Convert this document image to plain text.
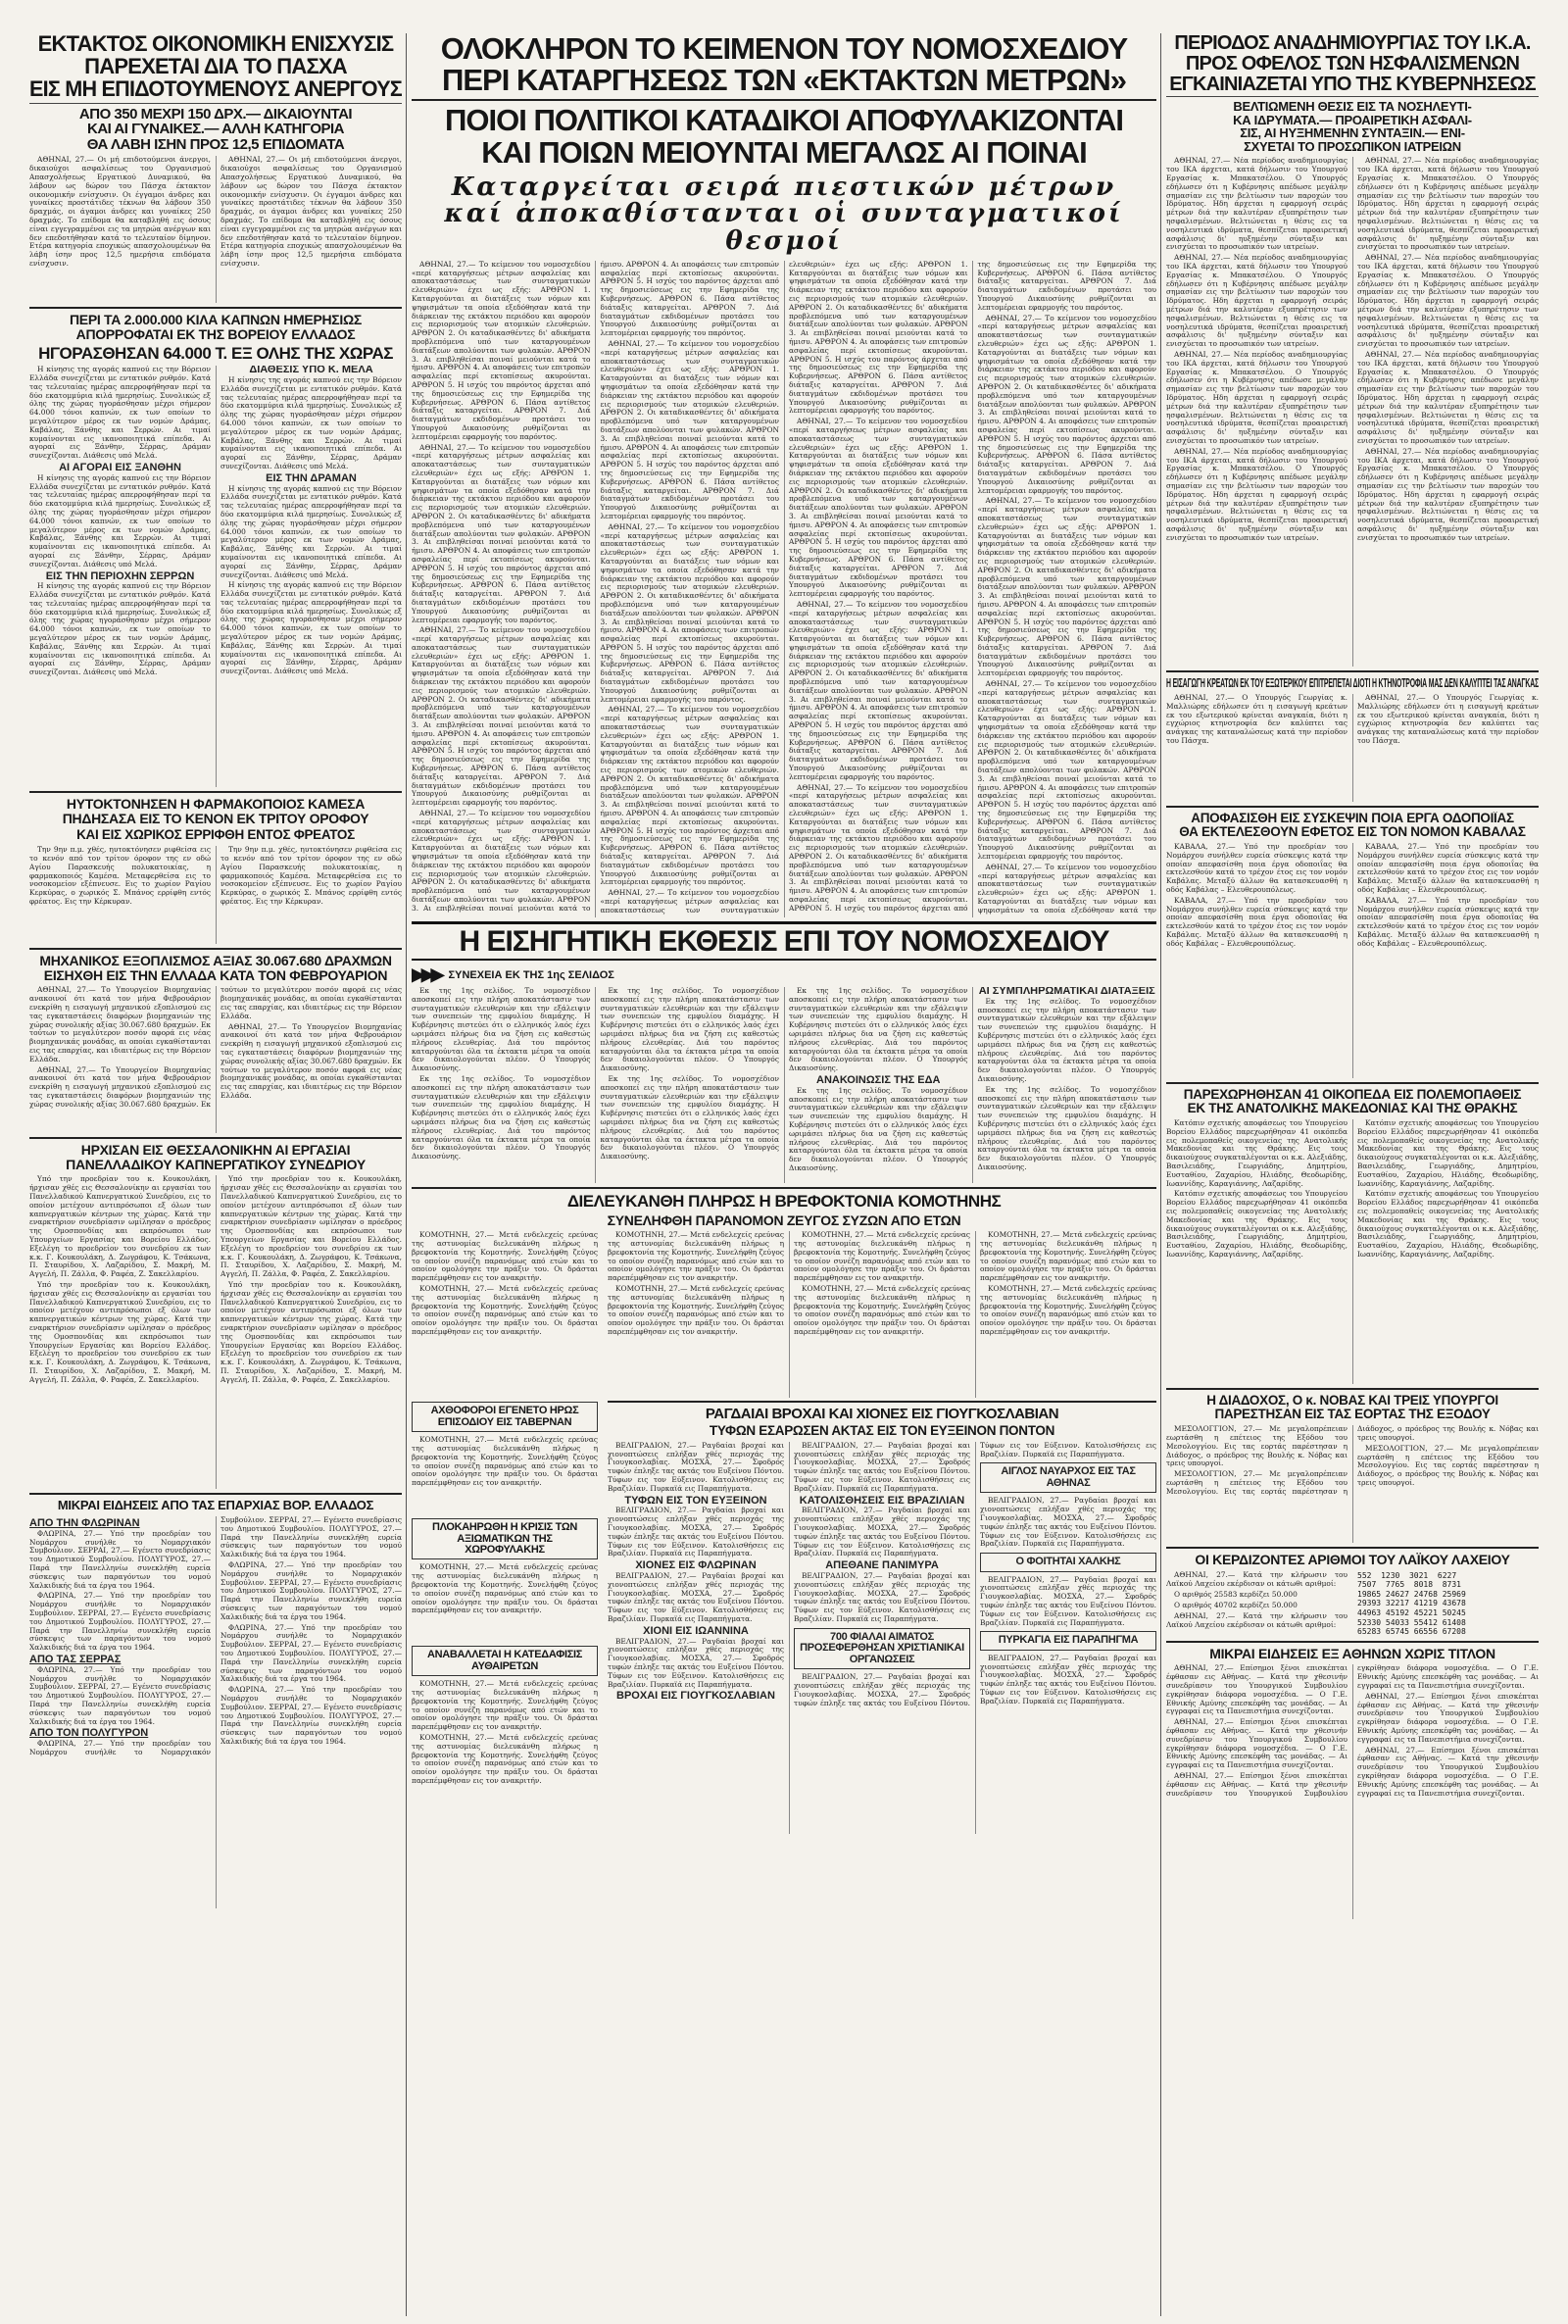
ΕΚΤΑΚΤΟΣ ΟΙΚΟΝΟΜΙΚΗ ΕΝΙΣΧΥΣΙΣ
ΠΑΡΕΧΕΤΑΙ ΔΙΑ ΤΟ ΠΑΣΧΑ
ΕΙΣ ΜΗ ΕΠΙΔΟΤΟΥΜΕΝΟΥΣ ΑΝΕΡΓΟΥΣ
ΑΠΟ 350 ΜΕΧΡΙ 150 ΔΡΧ.— ΔΙΚΑΙΟΥΝΤΑΙ
ΚΑΙ ΑΙ ΓΥΝΑΙΚΕΣ.— ΑΛΛΗ ΚΑΤΗΓΟΡΙΑ
ΘΑ ΛΑΒΗ ΙΣΗΝ ΠΡΟΣ 12,5 ΕΠΙΔΟΜΑΤΑ

ΑΘΗΝΑΙ, 27.— Οι μή επιδοτούμενοι άνεργοι, δικαιούχοι ασφαλίσεως του Οργανισμού Απασχολήσεως Εργατικού Δυναμικού, θα λάβουν ως δώρον του Πάσχα έκτακτον οικονομικήν ενίσχυσιν. Οι έγγαμοι άνδρες και γυναίκες προστάτιδες τέκνων θα λάβουν 350 δραχμάς, οι άγαμοι άνδρες και γυναίκες 250 δραχμάς. Το επίδομα θα καταβληθή εις όσους είναι εγγεγραμμένοι εις τα μητρώα ανέργων και δεν επεδοτήθησαν κατά το τελευταίον δίμηνον. Ετέρα κατηγορία εποχικώς απασχολουμένων θα λάβη ίσην προς 12,5 ημερήσια επιδόματα ενίσχυσιν.

ΑΘΗΝΑΙ, 27.— Οι μή επιδοτούμενοι άνεργοι, δικαιούχοι ασφαλίσεως του Οργανισμού Απασχολήσεως Εργατικού Δυναμικού, θα λάβουν ως δώρον του Πάσχα έκτακτον οικονομικήν ενίσχυσιν. Οι έγγαμοι άνδρες και γυναίκες προστάτιδες τέκνων θα λάβουν 350 δραχμάς, οι άγαμοι άνδρες και γυναίκες 250 δραχμάς. Το επίδομα θα καταβληθή εις όσους είναι εγγεγραμμένοι εις τα μητρώα ανέργων και δεν επεδοτήθησαν κατά το τελευταίον δίμηνον. Ετέρα κατηγορία εποχικώς απασχολουμένων θα λάβη ίσην προς 12,5 ημερήσια επιδόματα ενίσχυσιν.

ΠΕΡΙ ΤΑ 2.000.000 ΚΙΛΑ ΚΑΠΝΩΝ ΗΜΕΡΗΣΙΩΣ
ΑΠΟΡΡΟΦΑΤΑΙ ΕΚ ΤΗΣ ΒΟΡΕΙΟΥ ΕΛΛΑΔΟΣ
ΗΓΟΡΑΣΘΗΣΑΝ 64.000 Τ. ΕΞ ΟΛΗΣ ΤΗΣ ΧΩΡΑΣ

Η κίνησις της αγοράς καπνού εις την Βόρειον Ελλάδα συνεχίζεται με εντατικόν ρυθμόν. Κατά τας τελευταίας ημέρας απερροφήθησαν περί τα δύο εκατομμύρια κιλά ημερησίως. Συνολικώς εξ όλης της χώρας ηγοράσθησαν μέχρι σήμερον 64.000 τόνοι καπνών, εκ των οποίων το μεγαλύτερον μέρος εκ των νομών Δράμας, Καβάλας, Ξάνθης και Σερρών. Αι τιμαί κυμαίνονται εις ικανοποιητικά επίπεδα. Αι αγοραί εις Ξάνθην, Σέρρας, Δράμαν συνεχίζονται. Διάθεσις υπό Μελά.

ΑΙ ΑΓΟΡΑΙ ΕΙΣ ΞΑΝΘΗΝ

Η κίνησις της αγοράς καπνού εις την Βόρειον Ελλάδα συνεχίζεται με εντατικόν ρυθμόν. Κατά τας τελευταίας ημέρας απερροφήθησαν περί τα δύο εκατομμύρια κιλά ημερησίως. Συνολικώς εξ όλης της χώρας ηγοράσθησαν μέχρι σήμερον 64.000 τόνοι καπνών, εκ των οποίων το μεγαλύτερον μέρος εκ των νομών Δράμας, Καβάλας, Ξάνθης και Σερρών. Αι τιμαί κυμαίνονται εις ικανοποιητικά επίπεδα. Αι αγοραί εις Ξάνθην, Σέρρας, Δράμαν συνεχίζονται. Διάθεσις υπό Μελά.

ΕΙΣ ΤΗΝ ΠΕΡΙΟΧΗΝ ΣΕΡΡΩΝ

Η κίνησις της αγοράς καπνού εις την Βόρειον Ελλάδα συνεχίζεται με εντατικόν ρυθμόν. Κατά τας τελευταίας ημέρας απερροφήθησαν περί τα δύο εκατομμύρια κιλά ημερησίως. Συνολικώς εξ όλης της χώρας ηγοράσθησαν μέχρι σήμερον 64.000 τόνοι καπνών, εκ των οποίων το μεγαλύτερον μέρος εκ των νομών Δράμας, Καβάλας, Ξάνθης και Σερρών. Αι τιμαί κυμαίνονται εις ικανοποιητικά επίπεδα. Αι αγοραί εις Ξάνθην, Σέρρας, Δράμαν συνεχίζονται. Διάθεσις υπό Μελά.

ΔΙΑΘΕΣΙΣ ΥΠΟ Κ. ΜΕΛΑ

Η κίνησις της αγοράς καπνού εις την Βόρειον Ελλάδα συνεχίζεται με εντατικόν ρυθμόν. Κατά τας τελευταίας ημέρας απερροφήθησαν περί τα δύο εκατομμύρια κιλά ημερησίως. Συνολικώς εξ όλης της χώρας ηγοράσθησαν μέχρι σήμερον 64.000 τόνοι καπνών, εκ των οποίων το μεγαλύτερον μέρος εκ των νομών Δράμας, Καβάλας, Ξάνθης και Σερρών. Αι τιμαί κυμαίνονται εις ικανοποιητικά επίπεδα. Αι αγοραί εις Ξάνθην, Σέρρας, Δράμαν συνεχίζονται. Διάθεσις υπό Μελά.

ΕΙΣ ΤΗΝ ΔΡΑΜΑΝ

Η κίνησις της αγοράς καπνού εις την Βόρειον Ελλάδα συνεχίζεται με εντατικόν ρυθμόν. Κατά τας τελευταίας ημέρας απερροφήθησαν περί τα δύο εκατομμύρια κιλά ημερησίως. Συνολικώς εξ όλης της χώρας ηγοράσθησαν μέχρι σήμερον 64.000 τόνοι καπνών, εκ των οποίων το μεγαλύτερον μέρος εκ των νομών Δράμας, Καβάλας, Ξάνθης και Σερρών. Αι τιμαί κυμαίνονται εις ικανοποιητικά επίπεδα. Αι αγοραί εις Ξάνθην, Σέρρας, Δράμαν συνεχίζονται. Διάθεσις υπό Μελά.

Η κίνησις της αγοράς καπνού εις την Βόρειον Ελλάδα συνεχίζεται με εντατικόν ρυθμόν. Κατά τας τελευταίας ημέρας απερροφήθησαν περί τα δύο εκατομμύρια κιλά ημερησίως. Συνολικώς εξ όλης της χώρας ηγοράσθησαν μέχρι σήμερον 64.000 τόνοι καπνών, εκ των οποίων το μεγαλύτερον μέρος εκ των νομών Δράμας, Καβάλας, Ξάνθης και Σερρών. Αι τιμαί κυμαίνονται εις ικανοποιητικά επίπεδα. Αι αγοραί εις Ξάνθην, Σέρρας, Δράμαν συνεχίζονται. Διάθεσις υπό Μελά.

ΗΥΤΟΚΤΟΝΗΣΕΝ Η ΦΑΡΜΑΚΟΠΟΙΟΣ ΚΑΜΕΣΑ
ΠΗΔΗΣΑΣΑ ΕΙΣ ΤΟ ΚΕΝΟΝ ΕΚ ΤΡΙΤΟΥ ΟΡΟΦΟΥ
ΚΑΙ ΕΙΣ ΧΩΡΙΚΟΣ ΕΡΡΙΦΘΗ ΕΝΤΟΣ ΦΡΕΑΤΟΣ

Την 9ην π.μ. χθές, ηυτοκτόνησεν ριφθείσα εις το κενόν από τον τρίτον όροφον της εν οδώ Αγίου Παρασκευής πολυκατοικίας, η φαρμακοποιός Καμέσα. Μεταφερθείσα εις το νοσοκομείον εξέπνευσε. Εις το χωρίον Ραγίου Κερκύρας, ο χωρικός Σ. Μπάνος ερρίφθη εντός φρέατος. Εις την Κέρκυραν.

Την 9ην π.μ. χθές, ηυτοκτόνησεν ριφθείσα εις το κενόν από τον τρίτον όροφον της εν οδώ Αγίου Παρασκευής πολυκατοικίας, η φαρμακοποιός Καμέσα. Μεταφερθείσα εις το νοσοκομείον εξέπνευσε. Εις το χωρίον Ραγίου Κερκύρας, ο χωρικός Σ. Μπάνος ερρίφθη εντός φρέατος. Εις την Κέρκυραν.

ΜΗΧΑΝΙΚΟΣ ΕΞΟΠΛΙΣΜΟΣ ΑΞΙΑΣ 30.067.680 ΔΡΑΧΜΩΝ
ΕΙΣΗΧΘΗ ΕΙΣ ΤΗΝ ΕΛΛΑΔΑ ΚΑΤΑ ΤΟΝ ΦΕΒΡΟΥΑΡΙΟΝ

ΑΘΗΝΑΙ, 27.— Το Υπουργείον Βιομηχανίας ανακοινοί ότι κατά τον μήνα Φεβρουάριον ενεκρίθη η εισαγωγή μηχανικού εξοπλισμού εις τας εγκαταστάσεις διαφόρων βιομηχανιών της χώρας συνολικής αξίας 30.067.680 δραχμών. Εκ τούτων το μεγαλύτερον ποσόν αφορά εις νέας βιομηχανικάς μονάδας, αι οποίαι εγκαθίστανται εις τας επαρχίας, και ιδιαιτέρως εις την Βόρειον Ελλάδα.

ΑΘΗΝΑΙ, 27.— Το Υπουργείον Βιομηχανίας ανακοινοί ότι κατά τον μήνα Φεβρουάριον ενεκρίθη η εισαγωγή μηχανικού εξοπλισμού εις τας εγκαταστάσεις διαφόρων βιομηχανιών της χώρας συνολικής αξίας 30.067.680 δραχμών. Εκ τούτων το μεγαλύτερον ποσόν αφορά εις νέας βιομηχανικάς μονάδας, αι οποίαι εγκαθίστανται εις τας επαρχίας, και ιδιαιτέρως εις την Βόρειον Ελλάδα.

ΑΘΗΝΑΙ, 27.— Το Υπουργείον Βιομηχανίας ανακοινοί ότι κατά τον μήνα Φεβρουάριον ενεκρίθη η εισαγωγή μηχανικού εξοπλισμού εις τας εγκαταστάσεις διαφόρων βιομηχανιών της χώρας συνολικής αξίας 30.067.680 δραχμών. Εκ τούτων το μεγαλύτερον ποσόν αφορά εις νέας βιομηχανικάς μονάδας, αι οποίαι εγκαθίστανται εις τας επαρχίας, και ιδιαιτέρως εις την Βόρειον Ελλάδα.

ΗΡΧΙΣΑΝ ΕΙΣ ΘΕΣΣΑΛΟΝΙΚΗΝ ΑΙ ΕΡΓΑΣΙΑΙ
ΠΑΝΕΛΛΑΔΙΚΟΥ ΚΑΠΝΕΡΓΑΤΙΚΟΥ ΣΥΝΕΔΡΙΟΥ

Υπό την προεδρίαν του κ. Κουκουλάκη, ήρχισαν χθές εις Θεσσαλονίκην αι εργασίαι του Πανελλαδικού Καπνεργατικού Συνεδρίου, εις το οποίον μετέχουν αντιπρόσωποι εξ όλων των καπνεργατικών κέντρων της χώρας. Κατά την εναρκτήριον συνεδρίασιν ωμίλησαν ο πρόεδρος της Ομοσπονδίας και εκπρόσωποι των Υπουργείων Εργασίας και Βορείου Ελλάδος. Εξελέγη το προεδρείον του συνεδρίου εκ των κ.κ. Γ. Κουκουλάκη, Δ. Ζωγράφου, Κ. Τσάκωνα, Π. Σταυρίδου, Χ. Λαζαρίδου, Σ. Μακρή, Μ. Αγγελή, Π. Ζάλλα, Φ. Ραφέα, Ζ. Σακελλαρίου.

Υπό την προεδρίαν του κ. Κουκουλάκη, ήρχισαν χθές εις Θεσσαλονίκην αι εργασίαι του Πανελλαδικού Καπνεργατικού Συνεδρίου, εις το οποίον μετέχουν αντιπρόσωποι εξ όλων των καπνεργατικών κέντρων της χώρας. Κατά την εναρκτήριον συνεδρίασιν ωμίλησαν ο πρόεδρος της Ομοσπονδίας και εκπρόσωποι των Υπουργείων Εργασίας και Βορείου Ελλάδος. Εξελέγη το προεδρείον του συνεδρίου εκ των κ.κ. Γ. Κουκουλάκη, Δ. Ζωγράφου, Κ. Τσάκωνα, Π. Σταυρίδου, Χ. Λαζαρίδου, Σ. Μακρή, Μ. Αγγελή, Π. Ζάλλα, Φ. Ραφέα, Ζ. Σακελλαρίου.

Υπό την προεδρίαν του κ. Κουκουλάκη, ήρχισαν χθές εις Θεσσαλονίκην αι εργασίαι του Πανελλαδικού Καπνεργατικού Συνεδρίου, εις το οποίον μετέχουν αντιπρόσωποι εξ όλων των καπνεργατικών κέντρων της χώρας. Κατά την εναρκτήριον συνεδρίασιν ωμίλησαν ο πρόεδρος της Ομοσπονδίας και εκπρόσωποι των Υπουργείων Εργασίας και Βορείου Ελλάδος. Εξελέγη το προεδρείον του συνεδρίου εκ των κ.κ. Γ. Κουκουλάκη, Δ. Ζωγράφου, Κ. Τσάκωνα, Π. Σταυρίδου, Χ. Λαζαρίδου, Σ. Μακρή, Μ. Αγγελή, Π. Ζάλλα, Φ. Ραφέα, Ζ. Σακελλαρίου.

Υπό την προεδρίαν του κ. Κουκουλάκη, ήρχισαν χθές εις Θεσσαλονίκην αι εργασίαι του Πανελλαδικού Καπνεργατικού Συνεδρίου, εις το οποίον μετέχουν αντιπρόσωποι εξ όλων των καπνεργατικών κέντρων της χώρας. Κατά την εναρκτήριον συνεδρίασιν ωμίλησαν ο πρόεδρος της Ομοσπονδίας και εκπρόσωποι των Υπουργείων Εργασίας και Βορείου Ελλάδος. Εξελέγη το προεδρείον του συνεδρίου εκ των κ.κ. Γ. Κουκουλάκη, Δ. Ζωγράφου, Κ. Τσάκωνα, Π. Σταυρίδου, Χ. Λαζαρίδου, Σ. Μακρή, Μ. Αγγελή, Π. Ζάλλα, Φ. Ραφέα, Ζ. Σακελλαρίου.

ΜΙΚΡΑΙ ΕΙΔΗΣΕΙΣ ΑΠΟ ΤΑΣ ΕΠΑΡΧΙΑΣ ΒΟΡ. ΕΛΛΑΔΟΣ
ΑΠΟ ΤΗΝ ΦΛΩΡΙΝΑΝ

ΦΛΩΡΙΝΑ, 27.— Υπό την προεδρίαν του Νομάρχου συνήλθε το Νομαρχιακόν Συμβούλιον. ΣΕΡΡΑΙ, 27.— Εγένετο συνεδρίασις του Δημοτικού Συμβουλίου. ΠΟΛΥΓΥΡΟΣ, 27.— Παρά την Πανελληνίω συνεκλήθη ευρεία σύσκεψις των παραγόντων του νομού Χαλκιδικής διά τα έργα του 1964.

ΦΛΩΡΙΝΑ, 27.— Υπό την προεδρίαν του Νομάρχου συνήλθε το Νομαρχιακόν Συμβούλιον. ΣΕΡΡΑΙ, 27.— Εγένετο συνεδρίασις του Δημοτικού Συμβουλίου. ΠΟΛΥΓΥΡΟΣ, 27.— Παρά την Πανελληνίω συνεκλήθη ευρεία σύσκεψις των παραγόντων του νομού Χαλκιδικής διά τα έργα του 1964.

ΑΠΟ ΤΑΣ ΣΕΡΡΑΣ

ΦΛΩΡΙΝΑ, 27.— Υπό την προεδρίαν του Νομάρχου συνήλθε το Νομαρχιακόν Συμβούλιον. ΣΕΡΡΑΙ, 27.— Εγένετο συνεδρίασις του Δημοτικού Συμβουλίου. ΠΟΛΥΓΥΡΟΣ, 27.— Παρά την Πανελληνίω συνεκλήθη ευρεία σύσκεψις των παραγόντων του νομού Χαλκιδικής διά τα έργα του 1964.

ΑΠΟ ΤΟΝ ΠΟΛΥΓΥΡΟΝ

ΦΛΩΡΙΝΑ, 27.— Υπό την προεδρίαν του Νομάρχου συνήλθε το Νομαρχιακόν Συμβούλιον. ΣΕΡΡΑΙ, 27.— Εγένετο συνεδρίασις του Δημοτικού Συμβουλίου. ΠΟΛΥΓΥΡΟΣ, 27.— Παρά την Πανελληνίω συνεκλήθη ευρεία σύσκεψις των παραγόντων του νομού Χαλκιδικής διά τα έργα του 1964.

ΦΛΩΡΙΝΑ, 27.— Υπό την προεδρίαν του Νομάρχου συνήλθε το Νομαρχιακόν Συμβούλιον. ΣΕΡΡΑΙ, 27.— Εγένετο συνεδρίασις του Δημοτικού Συμβουλίου. ΠΟΛΥΓΥΡΟΣ, 27.— Παρά την Πανελληνίω συνεκλήθη ευρεία σύσκεψις των παραγόντων του νομού Χαλκιδικής διά τα έργα του 1964.

ΦΛΩΡΙΝΑ, 27.— Υπό την προεδρίαν του Νομάρχου συνήλθε το Νομαρχιακόν Συμβούλιον. ΣΕΡΡΑΙ, 27.— Εγένετο συνεδρίασις του Δημοτικού Συμβουλίου. ΠΟΛΥΓΥΡΟΣ, 27.— Παρά την Πανελληνίω συνεκλήθη ευρεία σύσκεψις των παραγόντων του νομού Χαλκιδικής διά τα έργα του 1964.

ΦΛΩΡΙΝΑ, 27.— Υπό την προεδρίαν του Νομάρχου συνήλθε το Νομαρχιακόν Συμβούλιον. ΣΕΡΡΑΙ, 27.— Εγένετο συνεδρίασις του Δημοτικού Συμβουλίου. ΠΟΛΥΓΥΡΟΣ, 27.— Παρά την Πανελληνίω συνεκλήθη ευρεία σύσκεψις των παραγόντων του νομού Χαλκιδικής διά τα έργα του 1964.

ΟΛΟΚΛΗΡΟΝ ΤΟ ΚΕΙΜΕΝΟΝ ΤΟΥ ΝΟΜΟΣΧΕΔΙΟΥ
ΠΕΡΙ ΚΑΤΑΡΓΗΣΕΩΣ ΤΩΝ «ΕΚΤΑΚΤΩΝ ΜΕΤΡΩΝ»
ΠΟΙΟΙ ΠΟΛΙΤΙΚΟΙ ΚΑΤΑΔΙΚΟΙ ΑΠΟΦΥΛΑΚΙΖΟΝΤΑΙ
ΚΑΙ ΠΟΙΩΝ ΜΕΙΟΥΝΤΑΙ ΜΕΓΑΛΩΣ ΑΙ ΠΟΙΝΑΙ
Καταργείται σειρά πιεστικών μέτρων
καί ἀποκαθίστανται οἱ συνταγματικοί θεσμοί

ΑΘΗΝΑΙ, 27.— Το κείμενον του νομοσχεδίου «περί καταργήσεως μέτρων ασφαλείας και αποκαταστάσεως των συνταγματικών ελευθεριών» έχει ως εξής: ΑΡΘΡΟΝ 1. Καταργούνται αι διατάξεις των νόμων και ψηφισμάτων τα οποία εξεδόθησαν κατά την διάρκειαν της εκτάκτου περιόδου και αφορούν εις περιορισμούς των ατομικών ελευθεριών. ΑΡΘΡΟΝ 2. Οι καταδικασθέντες δι' αδικήματα προβλεπόμενα υπό των καταργουμένων διατάξεων απολύονται των φυλακών. ΑΡΘΡΟΝ 3. Αι επιβληθείσαι ποιναί μειούνται κατά το ήμισυ. ΑΡΘΡΟΝ 4. Αι αποφάσεις των επιτροπών ασφαλείας περί εκτοπίσεως ακυρούνται. ΑΡΘΡΟΝ 5. Η ισχύς του παρόντος άρχεται από της δημοσιεύσεως εις την Εφημερίδα της Κυβερνήσεως. ΑΡΘΡΟΝ 6. Πάσα αντίθετος διάταξις καταργείται. ΑΡΘΡΟΝ 7. Διά διαταγμάτων εκδιδομένων προτάσει του Υπουργού Δικαιοσύνης ρυθμίζονται αι λεπτομέρειαι εφαρμογής του παρόντος.

ΑΘΗΝΑΙ, 27.— Το κείμενον του νομοσχεδίου «περί καταργήσεως μέτρων ασφαλείας και αποκαταστάσεως των συνταγματικών ελευθεριών» έχει ως εξής: ΑΡΘΡΟΝ 1. Καταργούνται αι διατάξεις των νόμων και ψηφισμάτων τα οποία εξεδόθησαν κατά την διάρκειαν της εκτάκτου περιόδου και αφορούν εις περιορισμούς των ατομικών ελευθεριών. ΑΡΘΡΟΝ 2. Οι καταδικασθέντες δι' αδικήματα προβλεπόμενα υπό των καταργουμένων διατάξεων απολύονται των φυλακών. ΑΡΘΡΟΝ 3. Αι επιβληθείσαι ποιναί μειούνται κατά το ήμισυ. ΑΡΘΡΟΝ 4. Αι αποφάσεις των επιτροπών ασφαλείας περί εκτοπίσεως ακυρούνται. ΑΡΘΡΟΝ 5. Η ισχύς του παρόντος άρχεται από της δημοσιεύσεως εις την Εφημερίδα της Κυβερνήσεως. ΑΡΘΡΟΝ 6. Πάσα αντίθετος διάταξις καταργείται. ΑΡΘΡΟΝ 7. Διά διαταγμάτων εκδιδομένων προτάσει του Υπουργού Δικαιοσύνης ρυθμίζονται αι λεπτομέρειαι εφαρμογής του παρόντος.

ΑΘΗΝΑΙ, 27.— Το κείμενον του νομοσχεδίου «περί καταργήσεως μέτρων ασφαλείας και αποκαταστάσεως των συνταγματικών ελευθεριών» έχει ως εξής: ΑΡΘΡΟΝ 1. Καταργούνται αι διατάξεις των νόμων και ψηφισμάτων τα οποία εξεδόθησαν κατά την διάρκειαν της εκτάκτου περιόδου και αφορούν εις περιορισμούς των ατομικών ελευθεριών. ΑΡΘΡΟΝ 2. Οι καταδικασθέντες δι' αδικήματα προβλεπόμενα υπό των καταργουμένων διατάξεων απολύονται των φυλακών. ΑΡΘΡΟΝ 3. Αι επιβληθείσαι ποιναί μειούνται κατά το ήμισυ. ΑΡΘΡΟΝ 4. Αι αποφάσεις των επιτροπών ασφαλείας περί εκτοπίσεως ακυρούνται. ΑΡΘΡΟΝ 5. Η ισχύς του παρόντος άρχεται από της δημοσιεύσεως εις την Εφημερίδα της Κυβερνήσεως. ΑΡΘΡΟΝ 6. Πάσα αντίθετος διάταξις καταργείται. ΑΡΘΡΟΝ 7. Διά διαταγμάτων εκδιδομένων προτάσει του Υπουργού Δικαιοσύνης ρυθμίζονται αι λεπτομέρειαι εφαρμογής του παρόντος.

ΑΘΗΝΑΙ, 27.— Το κείμενον του νομοσχεδίου «περί καταργήσεως μέτρων ασφαλείας και αποκαταστάσεως των συνταγματικών ελευθεριών» έχει ως εξής: ΑΡΘΡΟΝ 1. Καταργούνται αι διατάξεις των νόμων και ψηφισμάτων τα οποία εξεδόθησαν κατά την διάρκειαν της εκτάκτου περιόδου και αφορούν εις περιορισμούς των ατομικών ελευθεριών. ΑΡΘΡΟΝ 2. Οι καταδικασθέντες δι' αδικήματα προβλεπόμενα υπό των καταργουμένων διατάξεων απολύονται των φυλακών. ΑΡΘΡΟΝ 3. Αι επιβληθείσαι ποιναί μειούνται κατά το ήμισυ. ΑΡΘΡΟΝ 4. Αι αποφάσεις των επιτροπών ασφαλείας περί εκτοπίσεως ακυρούνται. ΑΡΘΡΟΝ 5. Η ισχύς του παρόντος άρχεται από της δημοσιεύσεως εις την Εφημερίδα της Κυβερνήσεως. ΑΡΘΡΟΝ 6. Πάσα αντίθετος διάταξις καταργείται. ΑΡΘΡΟΝ 7. Διά διαταγμάτων εκδιδομένων προτάσει του Υπουργού Δικαιοσύνης ρυθμίζονται αι λεπτομέρειαι εφαρμογής του παρόντος.

ΑΘΗΝΑΙ, 27.— Το κείμενον του νομοσχεδίου «περί καταργήσεως μέτρων ασφαλείας και αποκαταστάσεως των συνταγματικών ελευθεριών» έχει ως εξής: ΑΡΘΡΟΝ 1. Καταργούνται αι διατάξεις των νόμων και ψηφισμάτων τα οποία εξεδόθησαν κατά την διάρκειαν της εκτάκτου περιόδου και αφορούν εις περιορισμούς των ατομικών ελευθεριών. ΑΡΘΡΟΝ 2. Οι καταδικασθέντες δι' αδικήματα προβλεπόμενα υπό των καταργουμένων διατάξεων απολύονται των φυλακών. ΑΡΘΡΟΝ 3. Αι επιβληθείσαι ποιναί μειούνται κατά το ήμισυ. ΑΡΘΡΟΝ 4. Αι αποφάσεις των επιτροπών ασφαλείας περί εκτοπίσεως ακυρούνται. ΑΡΘΡΟΝ 5. Η ισχύς του παρόντος άρχεται από της δημοσιεύσεως εις την Εφημερίδα της Κυβερνήσεως. ΑΡΘΡΟΝ 6. Πάσα αντίθετος διάταξις καταργείται. ΑΡΘΡΟΝ 7. Διά διαταγμάτων εκδιδομένων προτάσει του Υπουργού Δικαιοσύνης ρυθμίζονται αι λεπτομέρειαι εφαρμογής του παρόντος.

ΑΘΗΝΑΙ, 27.— Το κείμενον του νομοσχεδίου «περί καταργήσεως μέτρων ασφαλείας και αποκαταστάσεως των συνταγματικών ελευθεριών» έχει ως εξής: ΑΡΘΡΟΝ 1. Καταργούνται αι διατάξεις των νόμων και ψηφισμάτων τα οποία εξεδόθησαν κατά την διάρκειαν της εκτάκτου περιόδου και αφορούν εις περιορισμούς των ατομικών ελευθεριών. ΑΡΘΡΟΝ 2. Οι καταδικασθέντες δι' αδικήματα προβλεπόμενα υπό των καταργουμένων διατάξεων απολύονται των φυλακών. ΑΡΘΡΟΝ 3. Αι επιβληθείσαι ποιναί μειούνται κατά το ήμισυ. ΑΡΘΡΟΝ 4. Αι αποφάσεις των επιτροπών ασφαλείας περί εκτοπίσεως ακυρούνται. ΑΡΘΡΟΝ 5. Η ισχύς του παρόντος άρχεται από της δημοσιεύσεως εις την Εφημερίδα της Κυβερνήσεως. ΑΡΘΡΟΝ 6. Πάσα αντίθετος διάταξις καταργείται. ΑΡΘΡΟΝ 7. Διά διαταγμάτων εκδιδομένων προτάσει του Υπουργού Δικαιοσύνης ρυθμίζονται αι λεπτομέρειαι εφαρμογής του παρόντος.

ΑΘΗΝΑΙ, 27.— Το κείμενον του νομοσχεδίου «περί καταργήσεως μέτρων ασφαλείας και αποκαταστάσεως των συνταγματικών ελευθεριών» έχει ως εξής: ΑΡΘΡΟΝ 1. Καταργούνται αι διατάξεις των νόμων και ψηφισμάτων τα οποία εξεδόθησαν κατά την διάρκειαν της εκτάκτου περιόδου και αφορούν εις περιορισμούς των ατομικών ελευθεριών. ΑΡΘΡΟΝ 2. Οι καταδικασθέντες δι' αδικήματα προβλεπόμενα υπό των καταργουμένων διατάξεων απολύονται των φυλακών. ΑΡΘΡΟΝ 3. Αι επιβληθείσαι ποιναί μειούνται κατά το ήμισυ. ΑΡΘΡΟΝ 4. Αι αποφάσεις των επιτροπών ασφαλείας περί εκτοπίσεως ακυρούνται. ΑΡΘΡΟΝ 5. Η ισχύς του παρόντος άρχεται από της δημοσιεύσεως εις την Εφημερίδα της Κυβερνήσεως. ΑΡΘΡΟΝ 6. Πάσα αντίθετος διάταξις καταργείται. ΑΡΘΡΟΝ 7. Διά διαταγμάτων εκδιδομένων προτάσει του Υπουργού Δικαιοσύνης ρυθμίζονται αι λεπτομέρειαι εφαρμογής του παρόντος.

ΑΘΗΝΑΙ, 27.— Το κείμενον του νομοσχεδίου «περί καταργήσεως μέτρων ασφαλείας και αποκαταστάσεως των συνταγματικών ελευθεριών» έχει ως εξής: ΑΡΘΡΟΝ 1. Καταργούνται αι διατάξεις των νόμων και ψηφισμάτων τα οποία εξεδόθησαν κατά την διάρκειαν της εκτάκτου περιόδου και αφορούν εις περιορισμούς των ατομικών ελευθεριών. ΑΡΘΡΟΝ 2. Οι καταδικασθέντες δι' αδικήματα προβλεπόμενα υπό των καταργουμένων διατάξεων απολύονται των φυλακών. ΑΡΘΡΟΝ 3. Αι επιβληθείσαι ποιναί μειούνται κατά το ήμισυ. ΑΡΘΡΟΝ 4. Αι αποφάσεις των επιτροπών ασφαλείας περί εκτοπίσεως ακυρούνται. ΑΡΘΡΟΝ 5. Η ισχύς του παρόντος άρχεται από της δημοσιεύσεως εις την Εφημερίδα της Κυβερνήσεως. ΑΡΘΡΟΝ 6. Πάσα αντίθετος διάταξις καταργείται. ΑΡΘΡΟΝ 7. Διά διαταγμάτων εκδιδομένων προτάσει του Υπουργού Δικαιοσύνης ρυθμίζονται αι λεπτομέρειαι εφαρμογής του παρόντος.

ΑΘΗΝΑΙ, 27.— Το κείμενον του νομοσχεδίου «περί καταργήσεως μέτρων ασφαλείας και αποκαταστάσεως των συνταγματικών ελευθεριών» έχει ως εξής: ΑΡΘΡΟΝ 1. Καταργούνται αι διατάξεις των νόμων και ψηφισμάτων τα οποία εξεδόθησαν κατά την διάρκειαν της εκτάκτου περιόδου και αφορούν εις περιορισμούς των ατομικών ελευθεριών. ΑΡΘΡΟΝ 2. Οι καταδικασθέντες δι' αδικήματα προβλεπόμενα υπό των καταργουμένων διατάξεων απολύονται των φυλακών. ΑΡΘΡΟΝ 3. Αι επιβληθείσαι ποιναί μειούνται κατά το ήμισυ. ΑΡΘΡΟΝ 4. Αι αποφάσεις των επιτροπών ασφαλείας περί εκτοπίσεως ακυρούνται. ΑΡΘΡΟΝ 5. Η ισχύς του παρόντος άρχεται από της δημοσιεύσεως εις την Εφημερίδα της Κυβερνήσεως. ΑΡΘΡΟΝ 6. Πάσα αντίθετος διάταξις καταργείται. ΑΡΘΡΟΝ 7. Διά διαταγμάτων εκδιδομένων προτάσει του Υπουργού Δικαιοσύνης ρυθμίζονται αι λεπτομέρειαι εφαρμογής του παρόντος.

ΑΘΗΝΑΙ, 27.— Το κείμενον του νομοσχεδίου «περί καταργήσεως μέτρων ασφαλείας και αποκαταστάσεως των συνταγματικών ελευθεριών» έχει ως εξής: ΑΡΘΡΟΝ 1. Καταργούνται αι διατάξεις των νόμων και ψηφισμάτων τα οποία εξεδόθησαν κατά την διάρκειαν της εκτάκτου περιόδου και αφορούν εις περιορισμούς των ατομικών ελευθεριών. ΑΡΘΡΟΝ 2. Οι καταδικασθέντες δι' αδικήματα προβλεπόμενα υπό των καταργουμένων διατάξεων απολύονται των φυλακών. ΑΡΘΡΟΝ 3. Αι επιβληθείσαι ποιναί μειούνται κατά το ήμισυ. ΑΡΘΡΟΝ 4. Αι αποφάσεις των επιτροπών ασφαλείας περί εκτοπίσεως ακυρούνται. ΑΡΘΡΟΝ 5. Η ισχύς του παρόντος άρχεται από της δημοσιεύσεως εις την Εφημερίδα της Κυβερνήσεως. ΑΡΘΡΟΝ 6. Πάσα αντίθετος διάταξις καταργείται. ΑΡΘΡΟΝ 7. Διά διαταγμάτων εκδιδομένων προτάσει του Υπουργού Δικαιοσύνης ρυθμίζονται αι λεπτομέρειαι εφαρμογής του παρόντος.

ΑΘΗΝΑΙ, 27.— Το κείμενον του νομοσχεδίου «περί καταργήσεως μέτρων ασφαλείας και αποκαταστάσεως των συνταγματικών ελευθεριών» έχει ως εξής: ΑΡΘΡΟΝ 1. Καταργούνται αι διατάξεις των νόμων και ψηφισμάτων τα οποία εξεδόθησαν κατά την διάρκειαν της εκτάκτου περιόδου και αφορούν εις περιορισμούς των ατομικών ελευθεριών. ΑΡΘΡΟΝ 2. Οι καταδικασθέντες δι' αδικήματα προβλεπόμενα υπό των καταργουμένων διατάξεων απολύονται των φυλακών. ΑΡΘΡΟΝ 3. Αι επιβληθείσαι ποιναί μειούνται κατά το ήμισυ. ΑΡΘΡΟΝ 4. Αι αποφάσεις των επιτροπών ασφαλείας περί εκτοπίσεως ακυρούνται. ΑΡΘΡΟΝ 5. Η ισχύς του παρόντος άρχεται από της δημοσιεύσεως εις την Εφημερίδα της Κυβερνήσεως. ΑΡΘΡΟΝ 6. Πάσα αντίθετος διάταξις καταργείται. ΑΡΘΡΟΝ 7. Διά διαταγμάτων εκδιδομένων προτάσει του Υπουργού Δικαιοσύνης ρυθμίζονται αι λεπτομέρειαι εφαρμογής του παρόντος.

ΑΘΗΝΑΙ, 27.— Το κείμενον του νομοσχεδίου «περί καταργήσεως μέτρων ασφαλείας και αποκαταστάσεως των συνταγματικών ελευθεριών» έχει ως εξής: ΑΡΘΡΟΝ 1. Καταργούνται αι διατάξεις των νόμων και ψηφισμάτων τα οποία εξεδόθησαν κατά την διάρκειαν της εκτάκτου περιόδου και αφορούν εις περιορισμούς των ατομικών ελευθεριών. ΑΡΘΡΟΝ 2. Οι καταδικασθέντες δι' αδικήματα προβλεπόμενα υπό των καταργουμένων διατάξεων απολύονται των φυλακών. ΑΡΘΡΟΝ 3. Αι επιβληθείσαι ποιναί μειούνται κατά το ήμισυ. ΑΡΘΡΟΝ 4. Αι αποφάσεις των επιτροπών ασφαλείας περί εκτοπίσεως ακυρούνται. ΑΡΘΡΟΝ 5. Η ισχύς του παρόντος άρχεται από της δημοσιεύσεως εις την Εφημερίδα της Κυβερνήσεως. ΑΡΘΡΟΝ 6. Πάσα αντίθετος διάταξις καταργείται. ΑΡΘΡΟΝ 7. Διά διαταγμάτων εκδιδομένων προτάσει του Υπουργού Δικαιοσύνης ρυθμίζονται αι λεπτομέρειαι εφαρμογής του παρόντος.

ΑΘΗΝΑΙ, 27.— Το κείμενον του νομοσχεδίου «περί καταργήσεως μέτρων ασφαλείας και αποκαταστάσεως των συνταγματικών ελευθεριών» έχει ως εξής: ΑΡΘΡΟΝ 1. Καταργούνται αι διατάξεις των νόμων και ψηφισμάτων τα οποία εξεδόθησαν κατά την διάρκειαν της εκτάκτου περιόδου και αφορούν εις περιορισμούς των ατομικών ελευθεριών. ΑΡΘΡΟΝ 2. Οι καταδικασθέντες δι' αδικήματα προβλεπόμενα υπό των καταργουμένων διατάξεων απολύονται των φυλακών. ΑΡΘΡΟΝ 3. Αι επιβληθείσαι ποιναί μειούνται κατά το ήμισυ. ΑΡΘΡΟΝ 4. Αι αποφάσεις των επιτροπών ασφαλείας περί εκτοπίσεως ακυρούνται. ΑΡΘΡΟΝ 5. Η ισχύς του παρόντος άρχεται από της δημοσιεύσεως εις την Εφημερίδα της Κυβερνήσεως. ΑΡΘΡΟΝ 6. Πάσα αντίθετος διάταξις καταργείται. ΑΡΘΡΟΝ 7. Διά διαταγμάτων εκδιδομένων προτάσει του Υπουργού Δικαιοσύνης ρυθμίζονται αι λεπτομέρειαι εφαρμογής του παρόντος.

ΑΘΗΝΑΙ, 27.— Το κείμενον του νομοσχεδίου «περί καταργήσεως μέτρων ασφαλείας και αποκαταστάσεως των συνταγματικών ελευθεριών» έχει ως εξής: ΑΡΘΡΟΝ 1. Καταργούνται αι διατάξεις των νόμων και ψηφισμάτων τα οποία εξεδόθησαν κατά την διάρκειαν της εκτάκτου περιόδου και αφορούν εις περιορισμούς των ατομικών ελευθεριών. ΑΡΘΡΟΝ 2. Οι καταδικασθέντες δι' αδικήματα προβλεπόμενα υπό των καταργουμένων διατάξεων απολύονται των φυλακών. ΑΡΘΡΟΝ 3. Αι επιβληθείσαι ποιναί μειούνται κατά το ήμισυ. ΑΡΘΡΟΝ 4. Αι αποφάσεις των επιτροπών ασφαλείας περί εκτοπίσεως ακυρούνται. ΑΡΘΡΟΝ 5. Η ισχύς του παρόντος άρχεται από της δημοσιεύσεως εις την Εφημερίδα της Κυβερνήσεως. ΑΡΘΡΟΝ 6. Πάσα αντίθετος διάταξις καταργείται. ΑΡΘΡΟΝ 7. Διά διαταγμάτων εκδιδομένων προτάσει του Υπουργού Δικαιοσύνης ρυθμίζονται αι λεπτομέρειαι εφαρμογής του παρόντος.

ΑΘΗΝΑΙ, 27.— Το κείμενον του νομοσχεδίου «περί καταργήσεως μέτρων ασφαλείας και αποκαταστάσεως των συνταγματικών ελευθεριών» έχει ως εξής: ΑΡΘΡΟΝ 1. Καταργούνται αι διατάξεις των νόμων και ψηφισμάτων τα οποία εξεδόθησαν κατά την

Η ΕΙΣΗΓΗΤΙΚΗ ΕΚΘΕΣΙΣ ΕΠΙ ΤΟΥ ΝΟΜΟΣΧΕΔΙΟΥ
▶▶▶ ΣΥΝΕΧΕΙΑ ΕΚ ΤΗΣ 1ης ΣΕΛΙΔΟΣ

Εκ της 1ης σελίδος. Το νομοσχέδιον αποσκοπεί εις την πλήρη αποκατάστασιν των συνταγματικών ελευθεριών και την εξάλειψιν των συνεπειών της εμφυλίου διαμάχης. Η Κυβέρνησις πιστεύει ότι ο ελληνικός λαός έχει ωριμάσει πλήρως δια να ζήση εις καθεστώς πλήρους ελευθερίας. Διά του παρόντος καταργούνται όλα τα έκτακτα μέτρα τα οποία δεν δικαιολογούνται πλέον. Ο Υπουργός Δικαιοσύνης.

Εκ της 1ης σελίδος. Το νομοσχέδιον αποσκοπεί εις την πλήρη αποκατάστασιν των συνταγματικών ελευθεριών και την εξάλειψιν των συνεπειών της εμφυλίου διαμάχης. Η Κυβέρνησις πιστεύει ότι ο ελληνικός λαός έχει ωριμάσει πλήρως δια να ζήση εις καθεστώς πλήρους ελευθερίας. Διά του παρόντος καταργούνται όλα τα έκτακτα μέτρα τα οποία δεν δικαιολογούνται πλέον. Ο Υπουργός Δικαιοσύνης.

Εκ της 1ης σελίδος. Το νομοσχέδιον αποσκοπεί εις την πλήρη αποκατάστασιν των συνταγματικών ελευθεριών και την εξάλειψιν των συνεπειών της εμφυλίου διαμάχης. Η Κυβέρνησις πιστεύει ότι ο ελληνικός λαός έχει ωριμάσει πλήρως δια να ζήση εις καθεστώς πλήρους ελευθερίας. Διά του παρόντος καταργούνται όλα τα έκτακτα μέτρα τα οποία δεν δικαιολογούνται πλέον. Ο Υπουργός Δικαιοσύνης.

Εκ της 1ης σελίδος. Το νομοσχέδιον αποσκοπεί εις την πλήρη αποκατάστασιν των συνταγματικών ελευθεριών και την εξάλειψιν των συνεπειών της εμφυλίου διαμάχης. Η Κυβέρνησις πιστεύει ότι ο ελληνικός λαός έχει ωριμάσει πλήρως δια να ζήση εις καθεστώς πλήρους ελευθερίας. Διά του παρόντος καταργούνται όλα τα έκτακτα μέτρα τα οποία δεν δικαιολογούνται πλέον. Ο Υπουργός Δικαιοσύνης.

Εκ της 1ης σελίδος. Το νομοσχέδιον αποσκοπεί εις την πλήρη αποκατάστασιν των συνταγματικών ελευθεριών και την εξάλειψιν των συνεπειών της εμφυλίου διαμάχης. Η Κυβέρνησις πιστεύει ότι ο ελληνικός λαός έχει ωριμάσει πλήρως δια να ζήση εις καθεστώς πλήρους ελευθερίας. Διά του παρόντος καταργούνται όλα τα έκτακτα μέτρα τα οποία δεν δικαιολογούνται πλέον. Ο Υπουργός Δικαιοσύνης.

ΑΝΑΚΟΙΝΩΣΙΣ ΤΗΣ ΕΔΑ

Εκ της 1ης σελίδος. Το νομοσχέδιον αποσκοπεί εις την πλήρη αποκατάστασιν των συνταγματικών ελευθεριών και την εξάλειψιν των συνεπειών της εμφυλίου διαμάχης. Η Κυβέρνησις πιστεύει ότι ο ελληνικός λαός έχει ωριμάσει πλήρως δια να ζήση εις καθεστώς πλήρους ελευθερίας. Διά του παρόντος καταργούνται όλα τα έκτακτα μέτρα τα οποία δεν δικαιολογούνται πλέον. Ο Υπουργός Δικαιοσύνης.

ΑΙ ΣΥΜΠΛΗΡΩΜΑΤΙΚΑΙ ΔΙΑΤΑΞΕΙΣ

Εκ της 1ης σελίδος. Το νομοσχέδιον αποσκοπεί εις την πλήρη αποκατάστασιν των συνταγματικών ελευθεριών και την εξάλειψιν των συνεπειών της εμφυλίου διαμάχης. Η Κυβέρνησις πιστεύει ότι ο ελληνικός λαός έχει ωριμάσει πλήρως δια να ζήση εις καθεστώς πλήρους ελευθερίας. Διά του παρόντος καταργούνται όλα τα έκτακτα μέτρα τα οποία δεν δικαιολογούνται πλέον. Ο Υπουργός Δικαιοσύνης.

Εκ της 1ης σελίδος. Το νομοσχέδιον αποσκοπεί εις την πλήρη αποκατάστασιν των συνταγματικών ελευθεριών και την εξάλειψιν των συνεπειών της εμφυλίου διαμάχης. Η Κυβέρνησις πιστεύει ότι ο ελληνικός λαός έχει ωριμάσει πλήρως δια να ζήση εις καθεστώς πλήρους ελευθερίας. Διά του παρόντος καταργούνται όλα τα έκτακτα μέτρα τα οποία δεν δικαιολογούνται πλέον. Ο Υπουργός Δικαιοσύνης.

ΔΙΕΛΕΥΚΑΝΘΗ ΠΛΗΡΩΣ Η ΒΡΕΦΟΚΤΟΝΙΑ ΚΟΜΟΤΗΝΗΣ
ΣΥΝΕΛΗΦΘΗ ΠΑΡΑΝΟΜΟΝ ΖΕΥΓΟΣ ΣΥΖΩΝ ΑΠΟ ΕΤΩΝ

ΚΟΜΟΤΗΝΗ, 27.— Μετά ενδελεχείς ερεύνας της αστυνομίας διελευκάνθη πλήρως η βρεφοκτονία της Κομοτηνής. Συνελήφθη ζεύγος το οποίον συνέζη παρανόμως από ετών και το οποίον ομολόγησε την πράξιν του. Οι δράσται παρεπέμφθησαν εις τον ανακριτήν.

ΚΟΜΟΤΗΝΗ, 27.— Μετά ενδελεχείς ερεύνας της αστυνομίας διελευκάνθη πλήρως η βρεφοκτονία της Κομοτηνής. Συνελήφθη ζεύγος το οποίον συνέζη παρανόμως από ετών και το οποίον ομολόγησε την πράξιν του. Οι δράσται παρεπέμφθησαν εις τον ανακριτήν.

ΑΧΘΟΦΟΡΟΙ ΕΓΕΝΕΤΟ ΗΡΩΣ ΕΠΙΣΟΔΙΟΥ ΕΙΣ ΤΑΒΕΡΝΑΝ

ΚΟΜΟΤΗΝΗ, 27.— Μετά ενδελεχείς ερεύνας της αστυνομίας διελευκάνθη πλήρως η βρεφοκτονία της Κομοτηνής. Συνελήφθη ζεύγος το οποίον συνέζη παρανόμως από ετών και το οποίον ομολόγησε την πράξιν του. Οι δράσται παρεπέμφθησαν εις τον ανακριτήν.

ΠΛΟΚΑΗΡΩΘΗ Η ΚΡΙΣΙΣ ΤΩΝ ΑΞΙΩΜΑΤΙΚΩΝ ΤΗΣ ΧΩΡΟΦΥΛΑΚΗΣ

ΚΟΜΟΤΗΝΗ, 27.— Μετά ενδελεχείς ερεύνας της αστυνομίας διελευκάνθη πλήρως η βρεφοκτονία της Κομοτηνής. Συνελήφθη ζεύγος το οποίον συνέζη παρανόμως από ετών και το οποίον ομολόγησε την πράξιν του. Οι δράσται παρεπέμφθησαν εις τον ανακριτήν.

ΑΝΑΒΑΛΛΕΤΑΙ Η ΚΑΤΕΔΑΦΙΣΙΣ ΑΥΘΑΙΡΕΤΩΝ

ΚΟΜΟΤΗΝΗ, 27.— Μετά ενδελεχείς ερεύνας της αστυνομίας διελευκάνθη πλήρως η βρεφοκτονία της Κομοτηνής. Συνελήφθη ζεύγος το οποίον συνέζη παρανόμως από ετών και το οποίον ομολόγησε την πράξιν του. Οι δράσται παρεπέμφθησαν εις τον ανακριτήν.

ΚΟΜΟΤΗΝΗ, 27.— Μετά ενδελεχείς ερεύνας της αστυνομίας διελευκάνθη πλήρως η βρεφοκτονία της Κομοτηνής. Συνελήφθη ζεύγος το οποίον συνέζη παρανόμως από ετών και το οποίον ομολόγησε την πράξιν του. Οι δράσται παρεπέμφθησαν εις τον ανακριτήν.

ΚΟΜΟΤΗΝΗ, 27.— Μετά ενδελεχείς ερεύνας της αστυνομίας διελευκάνθη πλήρως η βρεφοκτονία της Κομοτηνής. Συνελήφθη ζεύγος το οποίον συνέζη παρανόμως από ετών και το οποίον ομολόγησε την πράξιν του. Οι δράσται παρεπέμφθησαν εις τον ανακριτήν.

ΚΟΜΟΤΗΝΗ, 27.— Μετά ενδελεχείς ερεύνας της αστυνομίας διελευκάνθη πλήρως η βρεφοκτονία της Κομοτηνής. Συνελήφθη ζεύγος το οποίον συνέζη παρανόμως από ετών και το οποίον ομολόγησε την πράξιν του. Οι δράσται παρεπέμφθησαν εις τον ανακριτήν.

ΚΟΜΟΤΗΝΗ, 27.— Μετά ενδελεχείς ερεύνας της αστυνομίας διελευκάνθη πλήρως η βρεφοκτονία της Κομοτηνής. Συνελήφθη ζεύγος το οποίον συνέζη παρανόμως από ετών και το οποίον ομολόγησε την πράξιν του. Οι δράσται παρεπέμφθησαν εις τον ανακριτήν.

ΚΟΜΟΤΗΝΗ, 27.— Μετά ενδελεχείς ερεύνας της αστυνομίας διελευκάνθη πλήρως η βρεφοκτονία της Κομοτηνής. Συνελήφθη ζεύγος το οποίον συνέζη παρανόμως από ετών και το οποίον ομολόγησε την πράξιν του. Οι δράσται παρεπέμφθησαν εις τον ανακριτήν.

ΚΟΜΟΤΗΝΗ, 27.— Μετά ενδελεχείς ερεύνας της αστυνομίας διελευκάνθη πλήρως η βρεφοκτονία της Κομοτηνής. Συνελήφθη ζεύγος το οποίον συνέζη παρανόμως από ετών και το οποίον ομολόγησε την πράξιν του. Οι δράσται παρεπέμφθησαν εις τον ανακριτήν.

ΚΟΜΟΤΗΝΗ, 27.— Μετά ενδελεχείς ερεύνας της αστυνομίας διελευκάνθη πλήρως η βρεφοκτονία της Κομοτηνής. Συνελήφθη ζεύγος το οποίον συνέζη παρανόμως από ετών και το οποίον ομολόγησε την πράξιν του. Οι δράσται παρεπέμφθησαν εις τον ανακριτήν.

ΡΑΓΔΑΙΑΙ ΒΡΟΧΑΙ ΚΑΙ ΧΙΟΝΕΣ ΕΙΣ ΓΙΟΥΓΚΟΣΛΑΒΙΑΝ
ΤΥΦΩΝ ΕΣΑΡΩΣΕΝ ΑΚΤΑΣ ΕΙΣ ΤΟΝ ΕΥΞΕΙΝΟΝ ΠΟΝΤΟΝ

ΒΕΛΙΓΡΑΔΙΟΝ, 27.— Ραγδαίαι βροχαί και χιονοπτώσεις επλήξαν χθές περιοχάς της Γιουγκοσλαβίας. ΜΟΣΧΑ, 27.— Σφοδρός τυφών έπληξε τας ακτάς του Ευξείνου Πόντου. Τύφων εις τον Εύξεινον. Κατολισθήσεις εις Βραζιλίαν. Πυρκαϊά εις Παραπήγματα.

ΤΥΦΩΝ ΕΙΣ ΤΟΝ ΕΥΞΕΙΝΟΝ

ΒΕΛΙΓΡΑΔΙΟΝ, 27.— Ραγδαίαι βροχαί και χιονοπτώσεις επλήξαν χθές περιοχάς της Γιουγκοσλαβίας. ΜΟΣΧΑ, 27.— Σφοδρός τυφών έπληξε τας ακτάς του Ευξείνου Πόντου. Τύφων εις τον Εύξεινον. Κατολισθήσεις εις Βραζιλίαν. Πυρκαϊά εις Παραπήγματα.

ΧΙΟΝΕΣ ΕΙΣ ΦΛΩΡΙΝΑΝ

ΒΕΛΙΓΡΑΔΙΟΝ, 27.— Ραγδαίαι βροχαί και χιονοπτώσεις επλήξαν χθές περιοχάς της Γιουγκοσλαβίας. ΜΟΣΧΑ, 27.— Σφοδρός τυφών έπληξε τας ακτάς του Ευξείνου Πόντου. Τύφων εις τον Εύξεινον. Κατολισθήσεις εις Βραζιλίαν. Πυρκαϊά εις Παραπήγματα.

ΧΙΟΝΙ ΕΙΣ ΙΩΑΝΝΙΝΑ

ΒΕΛΙΓΡΑΔΙΟΝ, 27.— Ραγδαίαι βροχαί και χιονοπτώσεις επλήξαν χθές περιοχάς της Γιουγκοσλαβίας. ΜΟΣΧΑ, 27.— Σφοδρός τυφών έπληξε τας ακτάς του Ευξείνου Πόντου. Τύφων εις τον Εύξεινον. Κατολισθήσεις εις Βραζιλίαν. Πυρκαϊά εις Παραπήγματα.

ΒΡΟΧΑΙ ΕΙΣ ΓΙΟΥΓΚΟΣΛΑΒΙΑΝ

ΒΕΛΙΓΡΑΔΙΟΝ, 27.— Ραγδαίαι βροχαί και χιονοπτώσεις επλήξαν χθές περιοχάς της Γιουγκοσλαβίας. ΜΟΣΧΑ, 27.— Σφοδρός τυφών έπληξε τας ακτάς του Ευξείνου Πόντου. Τύφων εις τον Εύξεινον. Κατολισθήσεις εις Βραζιλίαν. Πυρκαϊά εις Παραπήγματα.

ΚΑΤΟΛΙΣΘΗΣΕΙΣ ΕΙΣ ΒΡΑΖΙΛΙΑΝ

ΒΕΛΙΓΡΑΔΙΟΝ, 27.— Ραγδαίαι βροχαί και χιονοπτώσεις επλήξαν χθές περιοχάς της Γιουγκοσλαβίας. ΜΟΣΧΑ, 27.— Σφοδρός τυφών έπληξε τας ακτάς του Ευξείνου Πόντου. Τύφων εις τον Εύξεινον. Κατολισθήσεις εις Βραζιλίαν. Πυρκαϊά εις Παραπήγματα.

ΑΠΕΘΑΝΕ ΠΑΝΙΜΥΡΑ

ΒΕΛΙΓΡΑΔΙΟΝ, 27.— Ραγδαίαι βροχαί και χιονοπτώσεις επλήξαν χθές περιοχάς της Γιουγκοσλαβίας. ΜΟΣΧΑ, 27.— Σφοδρός τυφών έπληξε τας ακτάς του Ευξείνου Πόντου. Τύφων εις τον Εύξεινον. Κατολισθήσεις εις Βραζιλίαν. Πυρκαϊά εις Παραπήγματα.

700 ΦΙΑΛΑΙ ΑΙΜΑΤΟΣ ΠΡΟΣΕΦΕΡΘΗΣΑΝ ΧΡΙΣΤΙΑΝΙΚΑΙ ΟΡΓΑΝΩΣΕΙΣ

ΒΕΛΙΓΡΑΔΙΟΝ, 27.— Ραγδαίαι βροχαί και χιονοπτώσεις επλήξαν χθές περιοχάς της Γιουγκοσλαβίας. ΜΟΣΧΑ, 27.— Σφοδρός τυφών έπληξε τας ακτάς του Ευξείνου Πόντου. Τύφων εις τον Εύξεινον. Κατολισθήσεις εις Βραζιλίαν. Πυρκαϊά εις Παραπήγματα.

ΑΙΓΛΟΣ ΝΑΥΑΡΧΟΣ ΕΙΣ ΤΑΣ ΑΘΗΝΑΣ

ΒΕΛΙΓΡΑΔΙΟΝ, 27.— Ραγδαίαι βροχαί και χιονοπτώσεις επλήξαν χθές περιοχάς της Γιουγκοσλαβίας. ΜΟΣΧΑ, 27.— Σφοδρός τυφών έπληξε τας ακτάς του Ευξείνου Πόντου. Τύφων εις τον Εύξεινον. Κατολισθήσεις εις Βραζιλίαν. Πυρκαϊά εις Παραπήγματα.

Ο ΦΟΙΤΗΤΑΙ ΧΑΛΚΗΣ

ΒΕΛΙΓΡΑΔΙΟΝ, 27.— Ραγδαίαι βροχαί και χιονοπτώσεις επλήξαν χθές περιοχάς της Γιουγκοσλαβίας. ΜΟΣΧΑ, 27.— Σφοδρός τυφών έπληξε τας ακτάς του Ευξείνου Πόντου. Τύφων εις τον Εύξεινον. Κατολισθήσεις εις Βραζιλίαν. Πυρκαϊά εις Παραπήγματα.

ΠΥΡΚΑΓΙΑ ΕΙΣ ΠΑΡΑΠΗΓΜΑ

ΒΕΛΙΓΡΑΔΙΟΝ, 27.— Ραγδαίαι βροχαί και χιονοπτώσεις επλήξαν χθές περιοχάς της Γιουγκοσλαβίας. ΜΟΣΧΑ, 27.— Σφοδρός τυφών έπληξε τας ακτάς του Ευξείνου Πόντου. Τύφων εις τον Εύξεινον. Κατολισθήσεις εις Βραζιλίαν. Πυρκαϊά εις Παραπήγματα.

ΠΕΡΙΟΔΟΣ ΑΝΑΔΗΜΙΟΥΡΓΙΑΣ ΤΟΥ Ι.Κ.Α.
ΠΡΟΣ ΟΦΕΛΟΣ ΤΩΝ ΗΣΦΑΛΙΣΜΕΝΩΝ
ΕΓΚΑΙΝΙΑΖΕΤΑΙ ΥΠΟ ΤΗΣ ΚΥΒΕΡΝΗΣΕΩΣ
ΒΕΛΤΙΩΜΕΝΗ ΘΕΣΙΣ ΕΙΣ ΤΑ ΝΟΣΗΛΕΥΤΙ-
ΚΑ ΙΔΡΥΜΑΤΑ.— ΠΡΟΑΙΡΕΤΙΚΗ ΑΣΦΑΛΙ-
ΣΙΣ, ΑΙ ΗΥΞΗΜΕΝΗΝ ΣΥΝΤΑΞΙΝ.— ΕΝΙ-
ΣΧΥΕΤΑΙ ΤΟ ΠΡΟΣΩΠΙΚΟΝ ΙΑΤΡΕΙΩΝ

ΑΘΗΝΑΙ, 27.— Νέα περίοδος αναδημιουργίας του ΙΚΑ άρχεται, κατά δήλωσιν του Υπουργού Εργασίας κ. Μπακατσέλου. Ο Υπουργός εδήλωσεν ότι η Κυβέρνησις απέδωσε μεγάλην σημασίαν εις την βελτίωσιν των παροχών του Ιδρύματος. Ηδη άρχεται η εφαρμογή σειράς μέτρων διά την καλυτέραν εξυπηρέτησιν των ησφαλισμένων. Βελτιώνεται η θέσις εις τα νοσηλευτικά ιδρύματα, θεσπίζεται προαιρετική ασφάλισις δι' ηυξημένην σύνταξιν και ενισχύεται το προσωπικόν των ιατρείων.

ΑΘΗΝΑΙ, 27.— Νέα περίοδος αναδημιουργίας του ΙΚΑ άρχεται, κατά δήλωσιν του Υπουργού Εργασίας κ. Μπακατσέλου. Ο Υπουργός εδήλωσεν ότι η Κυβέρνησις απέδωσε μεγάλην σημασίαν εις την βελτίωσιν των παροχών του Ιδρύματος. Ηδη άρχεται η εφαρμογή σειράς μέτρων διά την καλυτέραν εξυπηρέτησιν των ησφαλισμένων. Βελτιώνεται η θέσις εις τα νοσηλευτικά ιδρύματα, θεσπίζεται προαιρετική ασφάλισις δι' ηυξημένην σύνταξιν και ενισχύεται το προσωπικόν των ιατρείων.

ΑΘΗΝΑΙ, 27.— Νέα περίοδος αναδημιουργίας του ΙΚΑ άρχεται, κατά δήλωσιν του Υπουργού Εργασίας κ. Μπακατσέλου. Ο Υπουργός εδήλωσεν ότι η Κυβέρνησις απέδωσε μεγάλην σημασίαν εις την βελτίωσιν των παροχών του Ιδρύματος. Ηδη άρχεται η εφαρμογή σειράς μέτρων διά την καλυτέραν εξυπηρέτησιν των ησφαλισμένων. Βελτιώνεται η θέσις εις τα νοσηλευτικά ιδρύματα, θεσπίζεται προαιρετική ασφάλισις δι' ηυξημένην σύνταξιν και ενισχύεται το προσωπικόν των ιατρείων.

ΑΘΗΝΑΙ, 27.— Νέα περίοδος αναδημιουργίας του ΙΚΑ άρχεται, κατά δήλωσιν του Υπουργού Εργασίας κ. Μπακατσέλου. Ο Υπουργός εδήλωσεν ότι η Κυβέρνησις απέδωσε μεγάλην σημασίαν εις την βελτίωσιν των παροχών του Ιδρύματος. Ηδη άρχεται η εφαρμογή σειράς μέτρων διά την καλυτέραν εξυπηρέτησιν των ησφαλισμένων. Βελτιώνεται η θέσις εις τα νοσηλευτικά ιδρύματα, θεσπίζεται προαιρετική ασφάλισις δι' ηυξημένην σύνταξιν και ενισχύεται το προσωπικόν των ιατρείων.

ΑΘΗΝΑΙ, 27.— Νέα περίοδος αναδημιουργίας του ΙΚΑ άρχεται, κατά δήλωσιν του Υπουργού Εργασίας κ. Μπακατσέλου. Ο Υπουργός εδήλωσεν ότι η Κυβέρνησις απέδωσε μεγάλην σημασίαν εις την βελτίωσιν των παροχών του Ιδρύματος. Ηδη άρχεται η εφαρμογή σειράς μέτρων διά την καλυτέραν εξυπηρέτησιν των ησφαλισμένων. Βελτιώνεται η θέσις εις τα νοσηλευτικά ιδρύματα, θεσπίζεται προαιρετική ασφάλισις δι' ηυξημένην σύνταξιν και ενισχύεται το προσωπικόν των ιατρείων.

ΑΘΗΝΑΙ, 27.— Νέα περίοδος αναδημιουργίας του ΙΚΑ άρχεται, κατά δήλωσιν του Υπουργού Εργασίας κ. Μπακατσέλου. Ο Υπουργός εδήλωσεν ότι η Κυβέρνησις απέδωσε μεγάλην σημασίαν εις την βελτίωσιν των παροχών του Ιδρύματος. Ηδη άρχεται η εφαρμογή σειράς μέτρων διά την καλυτέραν εξυπηρέτησιν των ησφαλισμένων. Βελτιώνεται η θέσις εις τα νοσηλευτικά ιδρύματα, θεσπίζεται προαιρετική ασφάλισις δι' ηυξημένην σύνταξιν και ενισχύεται το προσωπικόν των ιατρείων.

ΑΘΗΝΑΙ, 27.— Νέα περίοδος αναδημιουργίας του ΙΚΑ άρχεται, κατά δήλωσιν του Υπουργού Εργασίας κ. Μπακατσέλου. Ο Υπουργός εδήλωσεν ότι η Κυβέρνησις απέδωσε μεγάλην σημασίαν εις την βελτίωσιν των παροχών του Ιδρύματος. Ηδη άρχεται η εφαρμογή σειράς μέτρων διά την καλυτέραν εξυπηρέτησιν των ησφαλισμένων. Βελτιώνεται η θέσις εις τα νοσηλευτικά ιδρύματα, θεσπίζεται προαιρετική ασφάλισις δι' ηυξημένην σύνταξιν και ενισχύεται το προσωπικόν των ιατρείων.

ΑΘΗΝΑΙ, 27.— Νέα περίοδος αναδημιουργίας του ΙΚΑ άρχεται, κατά δήλωσιν του Υπουργού Εργασίας κ. Μπακατσέλου. Ο Υπουργός εδήλωσεν ότι η Κυβέρνησις απέδωσε μεγάλην σημασίαν εις την βελτίωσιν των παροχών του Ιδρύματος. Ηδη άρχεται η εφαρμογή σειράς μέτρων διά την καλυτέραν εξυπηρέτησιν των ησφαλισμένων. Βελτιώνεται η θέσις εις τα νοσηλευτικά ιδρύματα, θεσπίζεται προαιρετική ασφάλισις δι' ηυξημένην σύνταξιν και ενισχύεται το προσωπικόν των ιατρείων.

Η ΕΙΣΑΓΩΓΗ ΚΡΕΑΤΩΝ ΕΚ ΤΟΥ ΕΞΩΤΕΡΙΚΟΥ ΕΠΙΤΡΕΠΕΤΑΙ ΔΙΟΤΙ Η ΚΤΗΝΟΤΡΟΦΙΑ ΜΑΣ ΔΕΝ ΚΑΛΥΠΤΕΙ ΤΑΣ ΑΝΑΓΚΑΣ

ΑΘΗΝΑΙ, 27.— Ο Υπουργός Γεωργίας κ. Μαλλιώρης εδήλωσεν ότι η εισαγωγή κρεάτων εκ του εξωτερικού κρίνεται αναγκαία, διότι η εγχώριος κτηνοτροφία δεν καλύπτει τας ανάγκας της καταναλώσεως κατά την περίοδον του Πάσχα.

ΑΘΗΝΑΙ, 27.— Ο Υπουργός Γεωργίας κ. Μαλλιώρης εδήλωσεν ότι η εισαγωγή κρεάτων εκ του εξωτερικού κρίνεται αναγκαία, διότι η εγχώριος κτηνοτροφία δεν καλύπτει τας ανάγκας της καταναλώσεως κατά την περίοδον του Πάσχα.

ΑΠΟΦΑΣΙΣΘΗ ΕΙΣ ΣΥΣΚΕΨΙΝ ΠΟΙΑ ΕΡΓΑ ΟΔΟΠΟΙΪΑΣ
ΘΑ ΕΚΤΕΛΕΣΘΟΥΝ ΕΦΕΤΟΣ ΕΙΣ ΤΟΝ ΝΟΜΟΝ ΚΑΒΑΛΑΣ

ΚΑΒΑΛΑ, 27.— Υπό την προεδρίαν του Νομάρχου συνήλθεν ευρεία σύσκεψις κατά την οποίαν απεφασίσθη ποια έργα οδοποιΐας θα εκτελεσθούν κατά το τρέχον έτος εις τον νομόν Καβάλας. Μεταξύ άλλων θα κατασκευασθή η οδός Καβάλας – Ελευθερουπόλεως.

ΚΑΒΑΛΑ, 27.— Υπό την προεδρίαν του Νομάρχου συνήλθεν ευρεία σύσκεψις κατά την οποίαν απεφασίσθη ποια έργα οδοποιΐας θα εκτελεσθούν κατά το τρέχον έτος εις τον νομόν Καβάλας. Μεταξύ άλλων θα κατασκευασθή η οδός Καβάλας – Ελευθερουπόλεως.

ΚΑΒΑΛΑ, 27.— Υπό την προεδρίαν του Νομάρχου συνήλθεν ευρεία σύσκεψις κατά την οποίαν απεφασίσθη ποια έργα οδοποιΐας θα εκτελεσθούν κατά το τρέχον έτος εις τον νομόν Καβάλας. Μεταξύ άλλων θα κατασκευασθή η οδός Καβάλας – Ελευθερουπόλεως.

ΚΑΒΑΛΑ, 27.— Υπό την προεδρίαν του Νομάρχου συνήλθεν ευρεία σύσκεψις κατά την οποίαν απεφασίσθη ποια έργα οδοποιΐας θα εκτελεσθούν κατά το τρέχον έτος εις τον νομόν Καβάλας. Μεταξύ άλλων θα κατασκευασθή η οδός Καβάλας – Ελευθερουπόλεως.

ΠΑΡΕΧΩΡΗΘΗΣΑΝ 41 ΟΙΚΟΠΕΔΑ ΕΙΣ ΠΟΛΕΜΟΠΑΘΕΙΣ
ΕΚ ΤΗΣ ΑΝΑΤΟΛΙΚΗΣ ΜΑΚΕΔΟΝΙΑΣ ΚΑΙ ΤΗΣ ΘΡΑΚΗΣ

Κατόπιν σχετικής αποφάσεως του Υπουργείου Βορείου Ελλάδος παρεχωρήθησαν 41 οικόπεδα εις πολεμοπαθείς οικογενείας της Ανατολικής Μακεδονίας και της Θράκης. Εις τους δικαιούχους συγκαταλέγονται οι κ.κ. Αλεξιάδης, Βασιλειάδης, Γεωργιάδης, Δημητρίου, Ευσταθίου, Ζαχαρίου, Ηλιάδης, Θεοδωρίδης, Ιωαννίδης, Καραγιάννης, Λαζαρίδης.

Κατόπιν σχετικής αποφάσεως του Υπουργείου Βορείου Ελλάδος παρεχωρήθησαν 41 οικόπεδα εις πολεμοπαθείς οικογενείας της Ανατολικής Μακεδονίας και της Θράκης. Εις τους δικαιούχους συγκαταλέγονται οι κ.κ. Αλεξιάδης, Βασιλειάδης, Γεωργιάδης, Δημητρίου, Ευσταθίου, Ζαχαρίου, Ηλιάδης, Θεοδωρίδης, Ιωαννίδης, Καραγιάννης, Λαζαρίδης.

Κατόπιν σχετικής αποφάσεως του Υπουργείου Βορείου Ελλάδος παρεχωρήθησαν 41 οικόπεδα εις πολεμοπαθείς οικογενείας της Ανατολικής Μακεδονίας και της Θράκης. Εις τους δικαιούχους συγκαταλέγονται οι κ.κ. Αλεξιάδης, Βασιλειάδης, Γεωργιάδης, Δημητρίου, Ευσταθίου, Ζαχαρίου, Ηλιάδης, Θεοδωρίδης, Ιωαννίδης, Καραγιάννης, Λαζαρίδης.

Κατόπιν σχετικής αποφάσεως του Υπουργείου Βορείου Ελλάδος παρεχωρήθησαν 41 οικόπεδα εις πολεμοπαθείς οικογενείας της Ανατολικής Μακεδονίας και της Θράκης. Εις τους δικαιούχους συγκαταλέγονται οι κ.κ. Αλεξιάδης, Βασιλειάδης, Γεωργιάδης, Δημητρίου, Ευσταθίου, Ζαχαρίου, Ηλιάδης, Θεοδωρίδης, Ιωαννίδης, Καραγιάννης, Λαζαρίδης.

Η ΔΙΑΔΟΧΟΣ, Ο κ. ΝΟΒΑΣ ΚΑΙ ΤΡΕΙΣ ΥΠΟΥΡΓΟΙ
ΠΑΡΕΣΤΗΣΑΝ ΕΙΣ ΤΑΣ ΕΟΡΤΑΣ ΤΗΣ ΕΞΟΔΟΥ

ΜΕΣΟΛΟΓΓΙΟΝ, 27.— Με μεγαλοπρέπειαν εωρτάσθη η επέτειος της Εξόδου του Μεσολογγίου. Εις τας εορτάς παρέστησαν η Διάδοχος, ο πρόεδρος της Βουλής κ. Νόβας και τρεις υπουργοί.

ΜΕΣΟΛΟΓΓΙΟΝ, 27.— Με μεγαλοπρέπειαν εωρτάσθη η επέτειος της Εξόδου του Μεσολογγίου. Εις τας εορτάς παρέστησαν η Διάδοχος, ο πρόεδρος της Βουλής κ. Νόβας και τρεις υπουργοί.

ΜΕΣΟΛΟΓΓΙΟΝ, 27.— Με μεγαλοπρέπειαν εωρτάσθη η επέτειος της Εξόδου του Μεσολογγίου. Εις τας εορτάς παρέστησαν η Διάδοχος, ο πρόεδρος της Βουλής κ. Νόβας και τρεις υπουργοί.

ΟΙ ΚΕΡΔΙΖΟΝΤΕΣ ΑΡΙΘΜΟΙ ΤΟΥ ΛΑΪΚΟΥ ΛΑΧΕΙΟΥ

ΑΘΗΝΑΙ, 27.— Κατά την κλήρωσιν του Λαϊκού Λαχείου εκέρδισαν οι κάτωθι αριθμοί:

Ο αριθμός 25583 κερδίζει 50.000

Ο αριθμός 40702 κερδίζει 50.000

ΑΘΗΝΑΙ, 27.— Κατά την κλήρωσιν του Λαϊκού Λαχείου εκέρδισαν οι κάτωθι αριθμοί:

552  1230  3021  6227
7507  7765  8018  8731
19865 24627 24768 25969
29393 32217 41219 43678
44963 45192 45221 50245
52330 54033 55412 61408
65283 65745 66556 67208
ΜΙΚΡΑΙ ΕΙΔΗΣΕΙΣ ΕΞ ΑΘΗΝΩΝ ΧΩΡΙΣ ΤΙΤΛΟΝ

ΑΘΗΝΑΙ, 27.— Επίσημοι ξένοι επισκέπται έφθασαν εις Αθήνας. — Κατά την χθεσινήν συνεδρίασιν του Υπουργικού Συμβουλίου εγκρίθησαν διάφορα νομοσχέδια. — Ο Γ.Ε. Εθνικής Αμύνης επεσκέφθη τας μονάδας. — Αι εγγραφαί εις τα Πανεπιστήμια συνεχίζονται.

ΑΘΗΝΑΙ, 27.— Επίσημοι ξένοι επισκέπται έφθασαν εις Αθήνας. — Κατά την χθεσινήν συνεδρίασιν του Υπουργικού Συμβουλίου εγκρίθησαν διάφορα νομοσχέδια. — Ο Γ.Ε. Εθνικής Αμύνης επεσκέφθη τας μονάδας. — Αι εγγραφαί εις τα Πανεπιστήμια συνεχίζονται.

ΑΘΗΝΑΙ, 27.— Επίσημοι ξένοι επισκέπται έφθασαν εις Αθήνας. — Κατά την χθεσινήν συνεδρίασιν του Υπουργικού Συμβουλίου εγκρίθησαν διάφορα νομοσχέδια. — Ο Γ.Ε. Εθνικής Αμύνης επεσκέφθη τας μονάδας. — Αι εγγραφαί εις τα Πανεπιστήμια συνεχίζονται.

ΑΘΗΝΑΙ, 27.— Επίσημοι ξένοι επισκέπται έφθασαν εις Αθήνας. — Κατά την χθεσινήν συνεδρίασιν του Υπουργικού Συμβουλίου εγκρίθησαν διάφορα νομοσχέδια. — Ο Γ.Ε. Εθνικής Αμύνης επεσκέφθη τας μονάδας. — Αι εγγραφαί εις τα Πανεπιστήμια συνεχίζονται.

ΑΘΗΝΑΙ, 27.— Επίσημοι ξένοι επισκέπται έφθασαν εις Αθήνας. — Κατά την χθεσινήν συνεδρίασιν του Υπουργικού Συμβουλίου εγκρίθησαν διάφορα νομοσχέδια. — Ο Γ.Ε. Εθνικής Αμύνης επεσκέφθη τας μονάδας. — Αι εγγραφαί εις τα Πανεπιστήμια συνεχίζονται.
